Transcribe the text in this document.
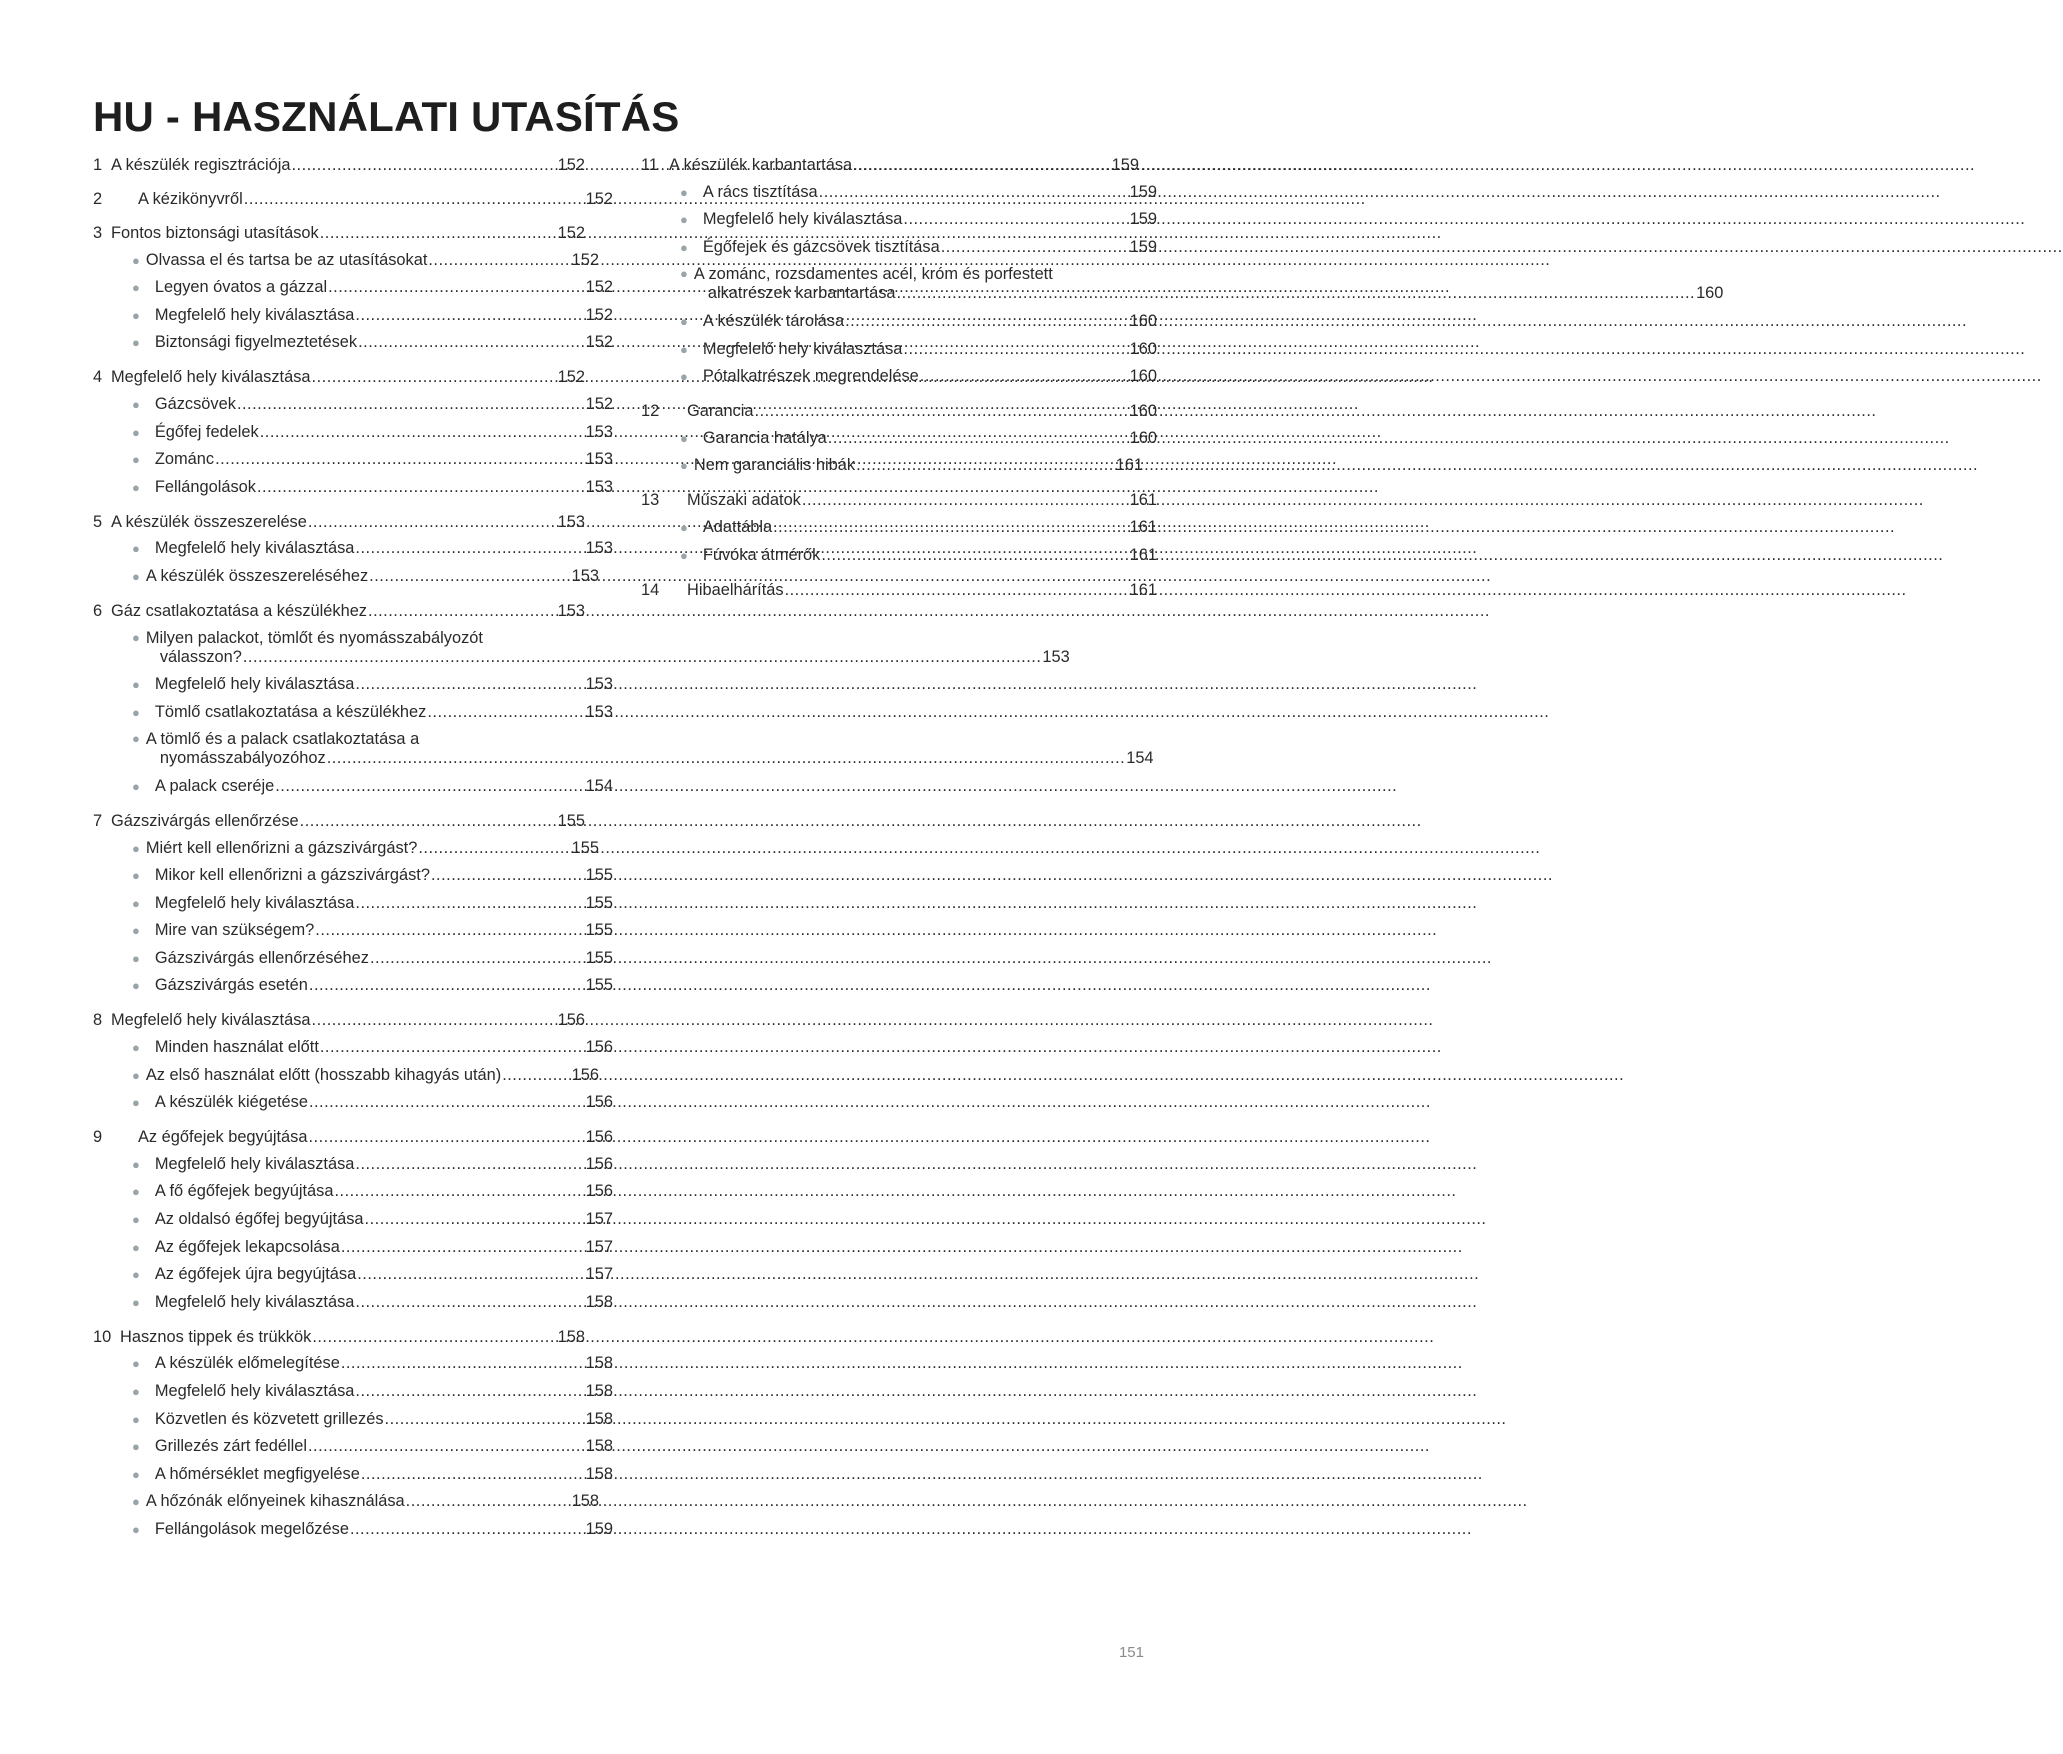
HU - HASZNÁLATI UTASÍTÁS
1 A készülék regisztrációja .....	152
2	A kézikönyvről .....	152
3 Fontos biztonsági utasítások .....	152
● Olvassa el és tartsa be az utasításokat .....	152
● Legyen óvatos a gázzal .....	152
● Megfelelő hely kiválasztása .....	152
● Biztonsági figyelmeztetések .....	152
4 Megfelelő hely kiválasztása .....	152
● Gázcsövek .....	152
● Égőfej fedelek .....	153
● Zománc .....	153
● Fellángolások .....	153
5 A készülék összeszerelése .....	153
● Megfelelő hely kiválasztása .....	153
● A készülék összeszereléséhez .....	153
6 Gáz csatlakoztatása a készülékhez .....	153
● Milyen palackot, tömlőt és nyomásszabályozót
válasszon? .....	153
● Megfelelő hely kiválasztása .....	153
● Tömlő csatlakoztatása a készülékhez .....	153
● A tömlő és a palack csatlakoztatása a
nyomásszabályozóhoz .....	154
● A palack cseréje .....	154
7 Gázszivárgás ellenőrzése .....	155
● Miért kell ellenőrizni a gázszivárgást? .....	155
● Mikor kell ellenőrizni a gázszivárgást? .....	155
● Megfelelő hely kiválasztása .....	155
● Mire van szükségem? .....	155
● Gázszivárgás ellenőrzéséhez .....	155
● Gázszivárgás esetén .....	155
8 Megfelelő hely kiválasztása .....	156
● Minden használat előtt .....	156
● Az első használat előtt (hosszabb kihagyás után) .....	156
● A készülék kiégetése .....	156
9	Az égőfejek begyújtása .....	156
● Megfelelő hely kiválasztása .....	156
● A fő égőfejek begyújtása .....	156
● Az oldalsó égőfej begyújtása .....	157
● Az égőfejek lekapcsolása .....	157
● Az égőfejek újra begyújtása .....	157
● Megfelelő hely kiválasztása .....	158
10 Hasznos tippek és trükkök .....	158
● A készülék előmelegítése .....	158
● Megfelelő hely kiválasztása .....	158
● Közvetlen és közvetett grillezés .....	158
● Grillezés zárt fedéllel .....	158
● A hőmérséklet megfigyelése .....	158
● A hőzónák előnyeinek kihasználása .....	158
● Fellángolások megelőzése .....	159
11 A készülék karbantartása .....	159
● A rács tisztítása .....	159
● Megfelelő hely kiválasztása .....	159
● Égőfejek és gázcsövek tisztítása .....	159
● A zománc, rozsdamentes acél, króm és porfestett
alkatrészek karbantartása .....	160
● A készülék tárolása .....	160
● Megfelelő hely kiválasztása .....	160
● Pótalkatrészek megrendelése .....	160
12	Garancia .....	160
● Garancia hatálya .....	160
● Nem garanciális hibák .....	161
13	Műszaki adatok .....	161
● Adattábla .....	161
● Fúvóka átmérők .....	161
14	Hibaelhárítás .....	161
151
